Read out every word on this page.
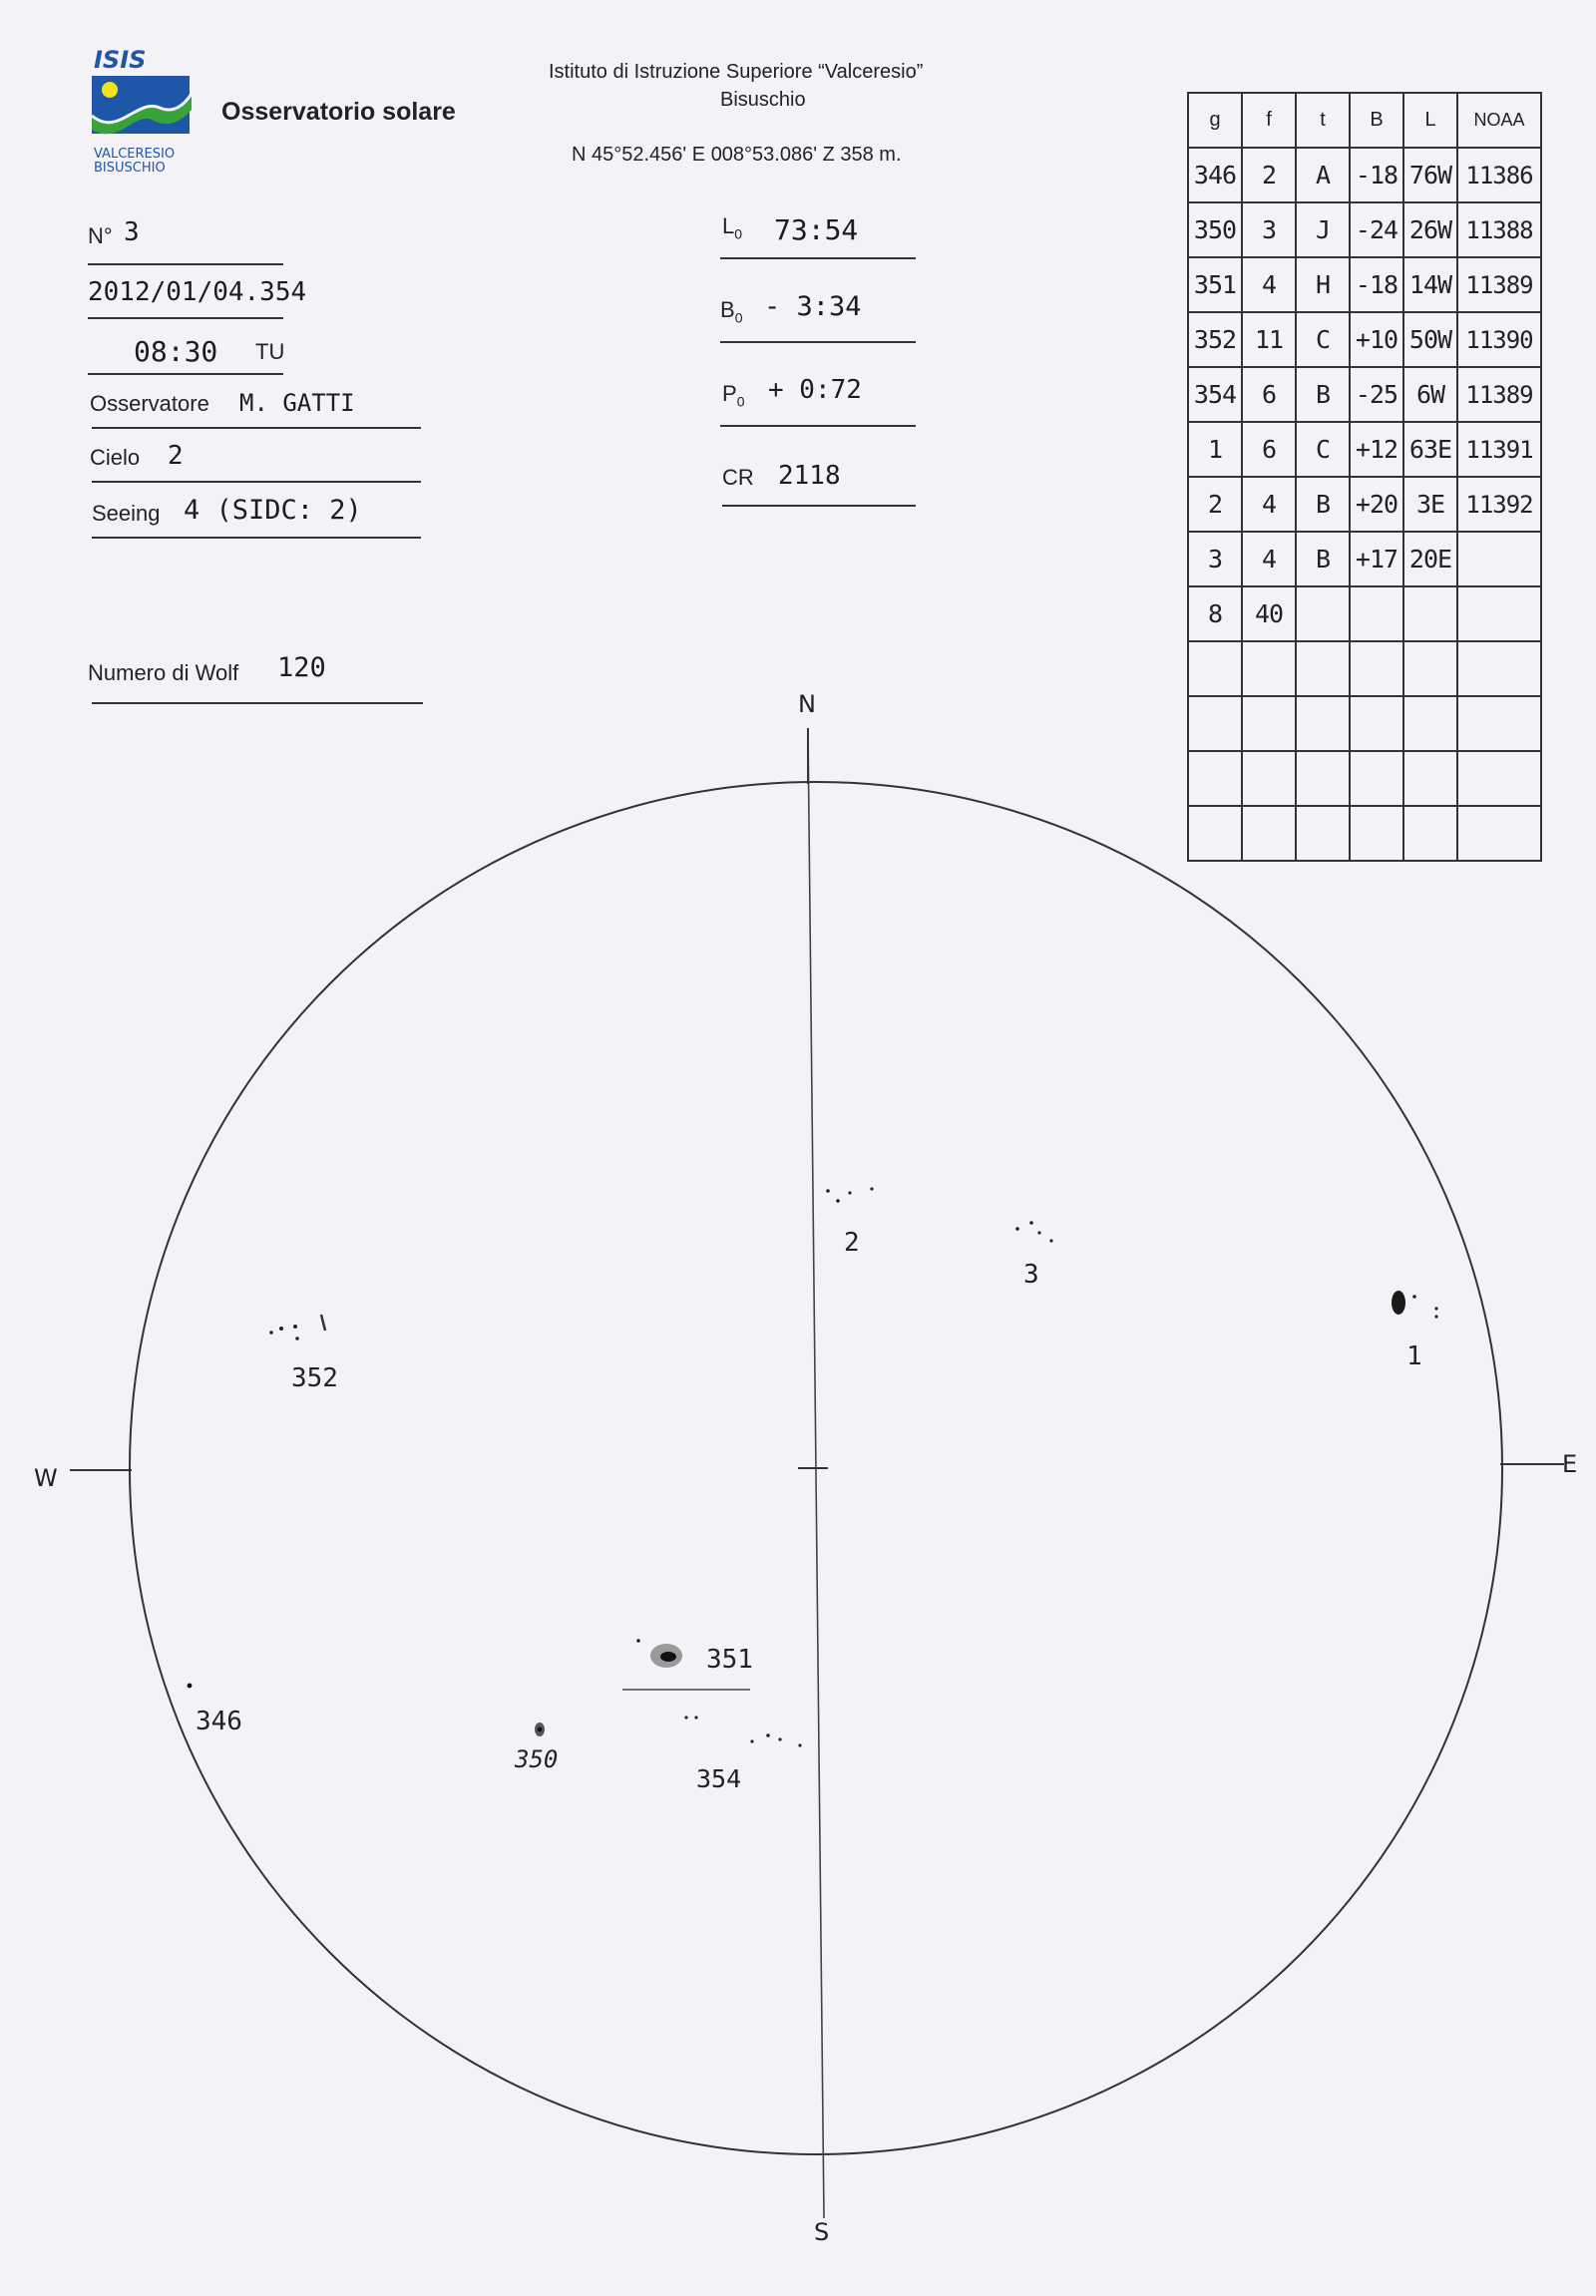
ISIS
VALCERESIO
BISUSCHIO
Osservatorio solare
Istituto di Istruzione Superiore “Valceresio”
Bisuschio
N 45°52.456' E 008°53.086' Z 358 m.
N° 3
2012/01/04.354
08:30 TU
Osservatore M. GATTI
Cielo 2
Seeing 4 (SIDC: 2)
Numero di Wolf 120
$L_0$ 73:54
$B_0$ - 3:34
$P_0$ + 0:72
CR 2118
g	f	t	B	L	NOAA
346	2	A	-18	76W	11386
350	3	J	-24	26W	11388
351	4	H	-18	14W	11389
352	11	C	+10	50W	11390
354	6	B	-25	6W	11389
1	6	C	+12	63E	11391
2	4	B	+20	3E	11392
3	4	B	+17	20E	
8	40				

N
S
E
W
1
2
3
352
351
346
350
354
